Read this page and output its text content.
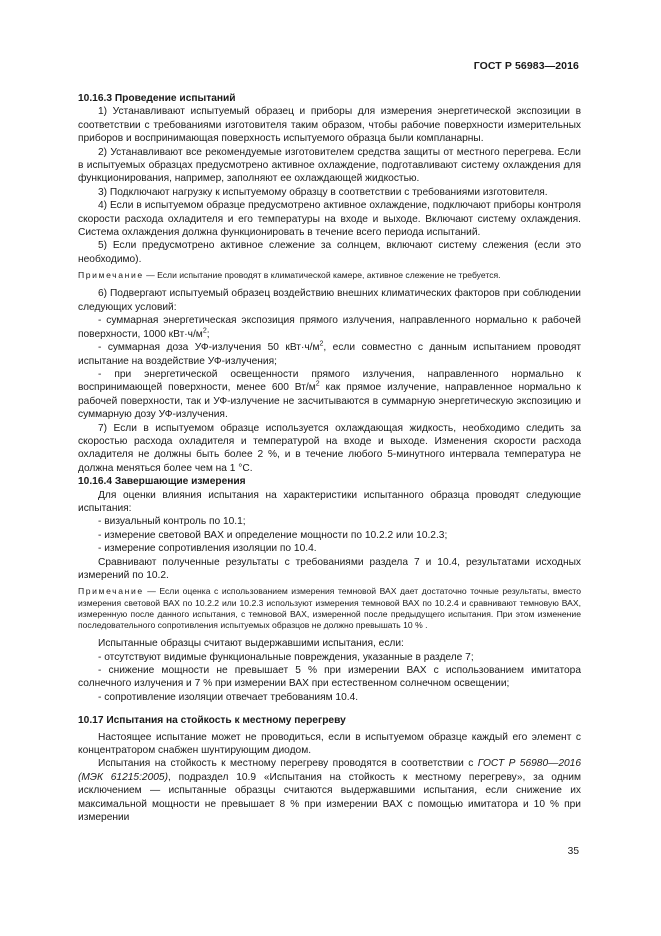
ГОСТ Р 56983—2016

10.16.3 Проведение испытаний

1) Устанавливают испытуемый образец и приборы для измерения энергетической экспозиции в соответствии с требованиями изготовителя таким образом, чтобы рабочие поверхности измерительных приборов и воспринимающая поверхность испытуемого образца были компланарны.

2) Устанавливают все рекомендуемые изготовителем средства защиты от местного перегрева. Если в испытуемых образцах предусмотрено активное охлаждение, подготавливают систему охлаждения для функционирования, например, заполняют ее охлаждающей жидкостью.

3) Подключают нагрузку к испытуемому образцу в соответствии с требованиями изготовителя.

4) Если в испытуемом образце предусмотрено активное охлаждение, подключают приборы контроля скорости расхода охладителя и его температуры на входе и выходе. Включают систему охлаждения. Система охлаждения должна функционировать в течение всего периода испытаний.

5) Если предусмотрено активное слежение за солнцем, включают систему слежения (если это необходимо).

Примечание — Если испытание проводят в климатической камере, активное слежение не требуется.

6) Подвергают испытуемый образец воздействию внешних климатических факторов при соблюдении следующих условий:

- суммарная энергетическая экспозиция прямого излучения, направленного нормально к рабочей поверхности, 1000 $кВт\cdot ч/м^2$;

- суммарная доза УФ-излучения 50 $кВт\cdot ч/м^2$, если совместно с данным испытанием проводят испытание на воздействие УФ-излучения;

- при энергетической освещенности прямого излучения, направленного нормально к воспринимающей поверхности, менее 600 $Вт/м^2$ как прямое излучение, направленное нормально к рабочей поверхности, так и УФ-излучение не засчитываются в суммарную энергетическую экспозицию и суммарную дозу УФ-излучения.

7) Если в испытуемом образце используется охлаждающая жидкость, необходимо следить за скоростью расхода охладителя и температурой на входе и выходе. Изменения скорости расхода охладителя не должны быть более 2 %, и в течение любого 5-минутного интервала температура не должна меняться более чем на 1 °С.

10.16.4 Завершающие измерения

Для оценки влияния испытания на характеристики испытанного образца проводят следующие испытания:

- визуальный контроль по 10.1;

- измерение световой ВАХ и определение мощности по 10.2.2 или 10.2.3;

- измерение сопротивления изоляции по 10.4.

Сравнивают полученные результаты с требованиями раздела 7 и 10.4, результатами исходных измерений по 10.2.

Примечание — Если оценка с использованием измерения темновой ВАХ дает достаточно точные результаты, вместо измерения световой ВАХ по 10.2.2 или 10.2.3 используют измерения темновой ВАХ по 10.2.4 и сравнивают темновую ВАХ, измеренную после данного испытания, с темновой ВАХ, измеренной после предыдущего испытания. При этом изменение последовательного сопротивления испытуемых образцов не должно превышать 10 % .

Испытанные образцы считают выдержавшими испытания, если:

- отсутствуют видимые функциональные повреждения, указанные в разделе 7;

- снижение мощности не превышает 5 % при измерении ВАХ с использованием имитатора солнечного излучения и 7 % при измерении ВАХ при естественном солнечном освещении;

- сопротивление изоляции отвечает требованиям 10.4.

10.17 Испытания на стойкость к местному перегреву

Настоящее испытание может не проводиться, если в испытуемом образце каждый его элемент с концентратором снабжен шунтирующим диодом.

Испытания на стойкость к местному перегреву проводятся в соответствии с ГОСТ Р 56980—2016 (МЭК 61215:2005), подраздел 10.9 «Испытания на стойкость к местному перегреву», за одним исключением — испытанные образцы считаются выдержавшими испытания, если снижение их максимальной мощности не превышает 8 % при измерении ВАХ с помощью имитатора и 10 % при измерении

35
